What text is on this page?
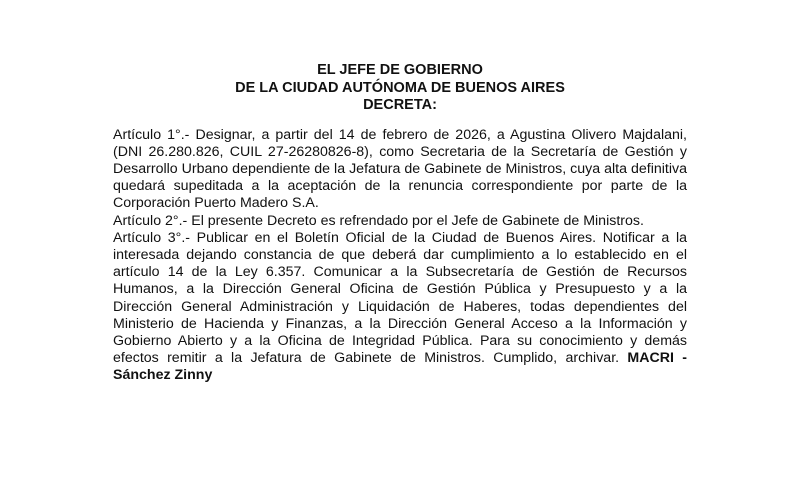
EL JEFE DE GOBIERNO
DE LA CIUDAD AUTÓNOMA DE BUENOS AIRES
DECRETA:

Artículo 1°.- Designar, a partir del 14 de febrero de 2026, a Agustina Olivero Majdalani, (DNI 26.280.826, CUIL 27-26280826-8), como Secretaria de la Secretaría de Gestión y Desarrollo Urbano dependiente de la Jefatura de Gabinete de Ministros, cuya alta definitiva quedará supeditada a la aceptación de la renuncia correspondiente por parte de la Corporación Puerto Madero S.A.

Artículo 2°.- El presente Decreto es refrendado por el Jefe de Gabinete de Ministros.

Artículo 3°.- Publicar en el Boletín Oficial de la Ciudad de Buenos Aires. Notificar a la interesada dejando constancia de que deberá dar cumplimiento a lo establecido en el artículo 14 de la Ley 6.357. Comunicar a la Subsecretaría de Gestión de Recursos Humanos, a la Dirección General Oficina de Gestión Pública y Presupuesto y a la Dirección General Administración y Liquidación de Haberes, todas dependientes del Ministerio de Hacienda y Finanzas, a la Dirección General Acceso a la Información y Gobierno Abierto y a la Oficina de Integridad Pública. Para su conocimiento y demás efectos remitir a la Jefatura de Gabinete de Ministros. Cumplido, archivar. MACRI - Sánchez Zinny
